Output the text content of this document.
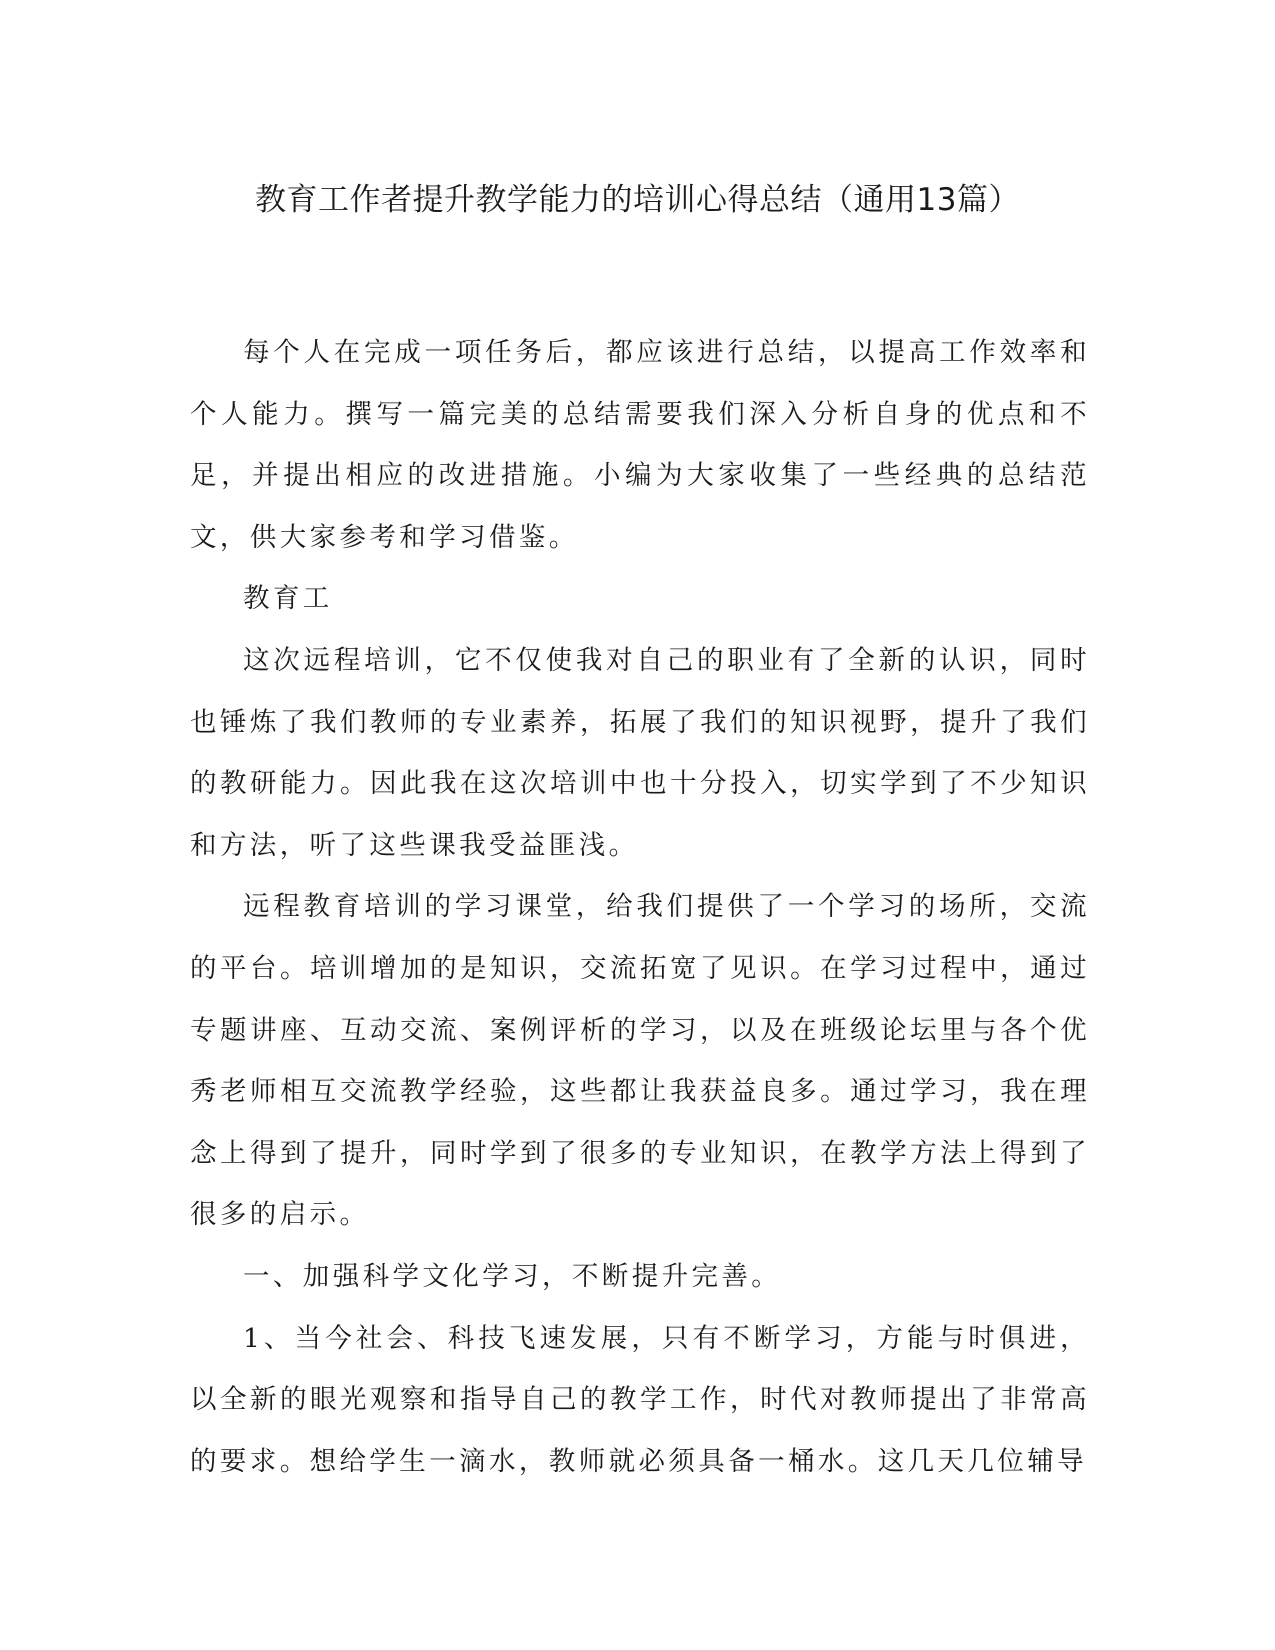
教育工作者提升教学能力的培训心得总结（通用13篇）

每个人在完成一项任务后，都应该进行总结，以提高工作效率和个人能力。撰写一篇完美的总结需要我们深入分析自身的优点和不足，并提出相应的改进措施。小编为大家收集了一些经典的总结范文，供大家参考和学习借鉴。

教育工

这次远程培训，它不仅使我对自己的职业有了全新的认识，同时也锤炼了我们教师的专业素养，拓展了我们的知识视野，提升了我们的教研能力。因此我在这次培训中也十分投入，切实学到了不少知识和方法，听了这些课我受益匪浅。

远程教育培训的学习课堂，给我们提供了一个学习的场所，交流的平台。培训增加的是知识，交流拓宽了见识。在学习过程中，通过专题讲座、互动交流、案例评析的学习，以及在班级论坛里与各个优秀老师相互交流教学经验，这些都让我获益良多。通过学习，我在理念上得到了提升，同时学到了很多的专业知识，在教学方法上得到了很多的启示。

一、加强科学文化学习，不断提升完善。

1、当今社会、科技飞速发展，只有不断学习，方能与时俱进，以全新的眼光观察和指导自己的教学工作，时代对教师提出了非常高的要求。想给学生一滴水，教师就必须具备一桶水。这几天几位辅导
